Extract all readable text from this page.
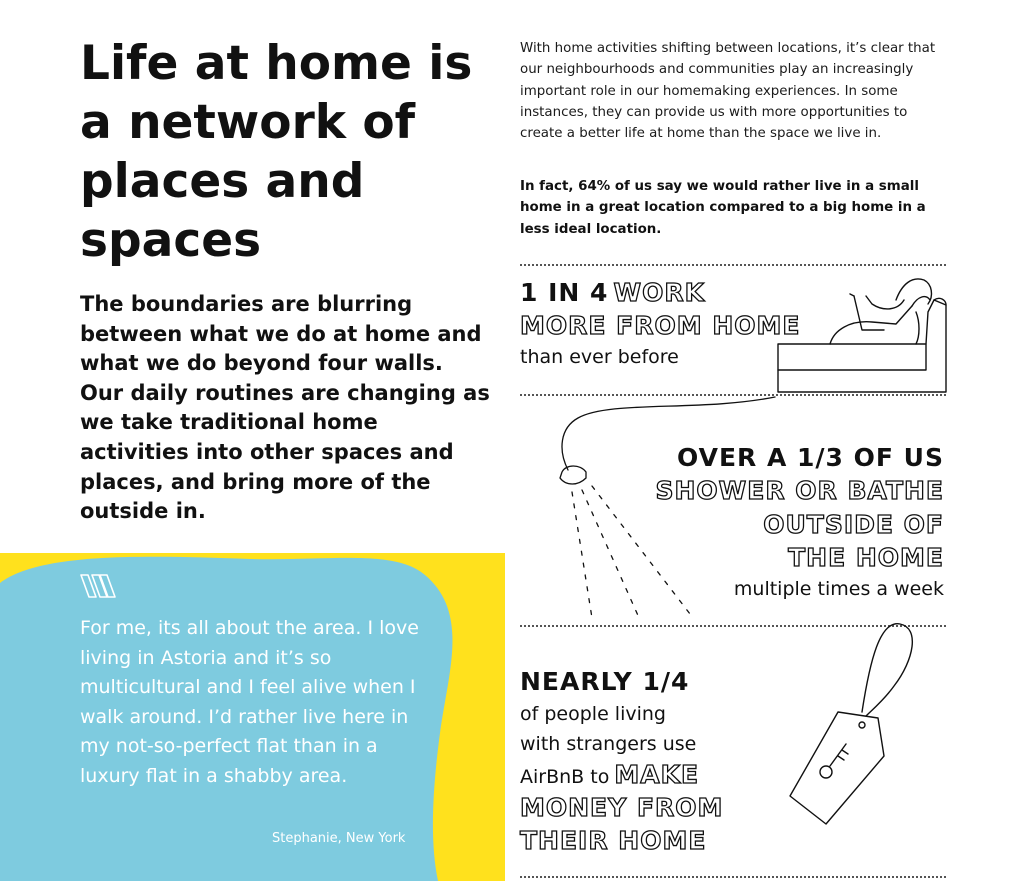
Life at home is a network of places and spaces

The boundaries are blurring between what we do at home and what we do beyond four walls. Our daily routines are changing as we take traditional home activities into other spaces and places, and bring more of the outside in.

For me, its all about the area. I love living in Astoria and it’s so multicultural and I feel alive when I walk around. I’d rather live here in my not-so-perfect flat than in a luxury flat in a shabby area.

Stephanie, New York

With home activities shifting between locations, it’s clear that our neighbourhoods and communities play an increasingly important role in our homemaking experiences. In some instances, they can provide us with more opportunities to create a better life at home than the space we live in.

In fact, 64% of us say we would rather live in a small home in a great location compared to a big home in a less ideal location.

1 IN 4 WORK
MORE FROM HOME
than ever before
OVER A 1/3 OF US
SHOWER OR BATHE
OUTSIDE OF
THE HOME
multiple times a week
NEARLY 1/4
of people living
with strangers use
AirBnB to MAKE
MONEY FROM
THEIR HOME
